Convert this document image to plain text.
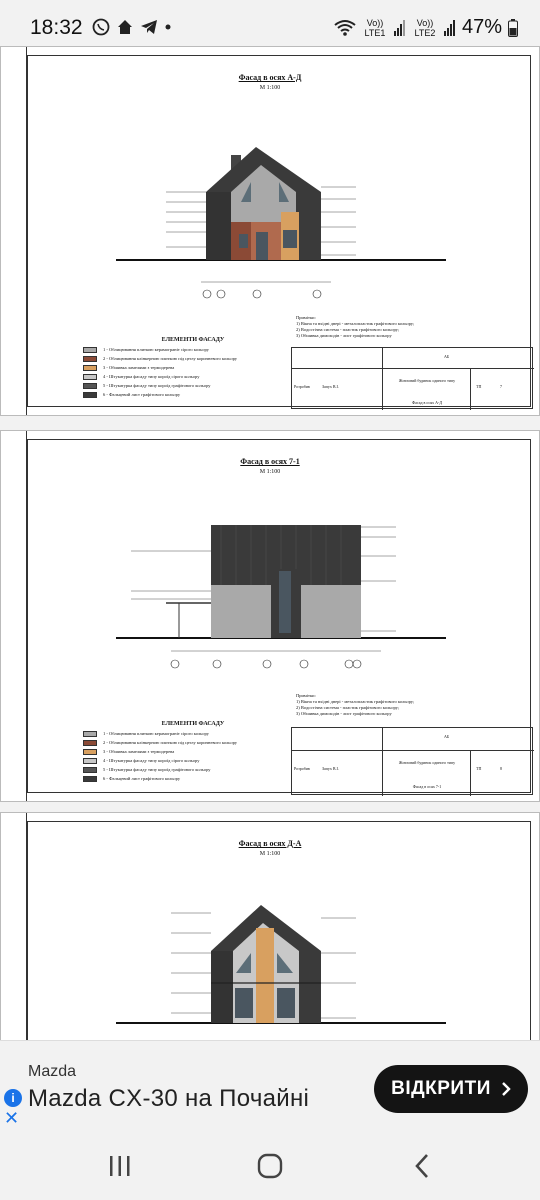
18:32	Vo)) LTE1
Vo)) LTE2 47%
Фасад в осях А-Д
М 1:100
ЕЛЕМЕНТИ ФАСАДУ
1 - Облицювання плиткою керамограніт сірого кольору
2 - Облицювання клінкерною плиткою під цеглу коричневого кольору
3 - Обшивка ламелями з термодеревa
4 - Штукатурка фасаду типу короїд сірого кольору
5 - Штукатурка фасаду типу короїд графітового кольору
6 - Фальцевий лист графітового кольору
Примітки:
1) Вікна та вхідні двері - металопластик графітового кольору;
2) Водостічна система - пластик графітового кольору;
3) Обшивка димоходів - лист графітового кольору
АБ
Житловий будинок одиного типу
Фасад в осях А-Д
Розробив	Запух В.І.	ТП	7
Фасад в осях 7-1
М 1:100
ЕЛЕМЕНТИ ФАСАДУ
1 - Облицювання плиткою керамограніт сірого кольору
2 - Облицювання клінкерною плиткою під цеглу коричневого кольору
3 - Обшивка ламелями з термодеревa
4 - Штукатурка фасаду типу короїд сірого кольору
5 - Штукатурка фасаду типу короїд графітового кольору
6 - Фальцевий лист графітового кольору
Примітки:
1) Вікна та вхідні двері - металопластик графітового кольору;
2) Водостічна система - пластик графітового кольору;
3) Обшивка димоходів - лист графітового кольору
АБ
Житловий будинок одиного типу
Фасад в осях 7-1
Розробив	Запух В.І.	ТП	8
Фасад в осях Д-А
М 1:100
i
✕
Mazda
Mazda CX-30 на Почайні	ВІДКРИТИ
